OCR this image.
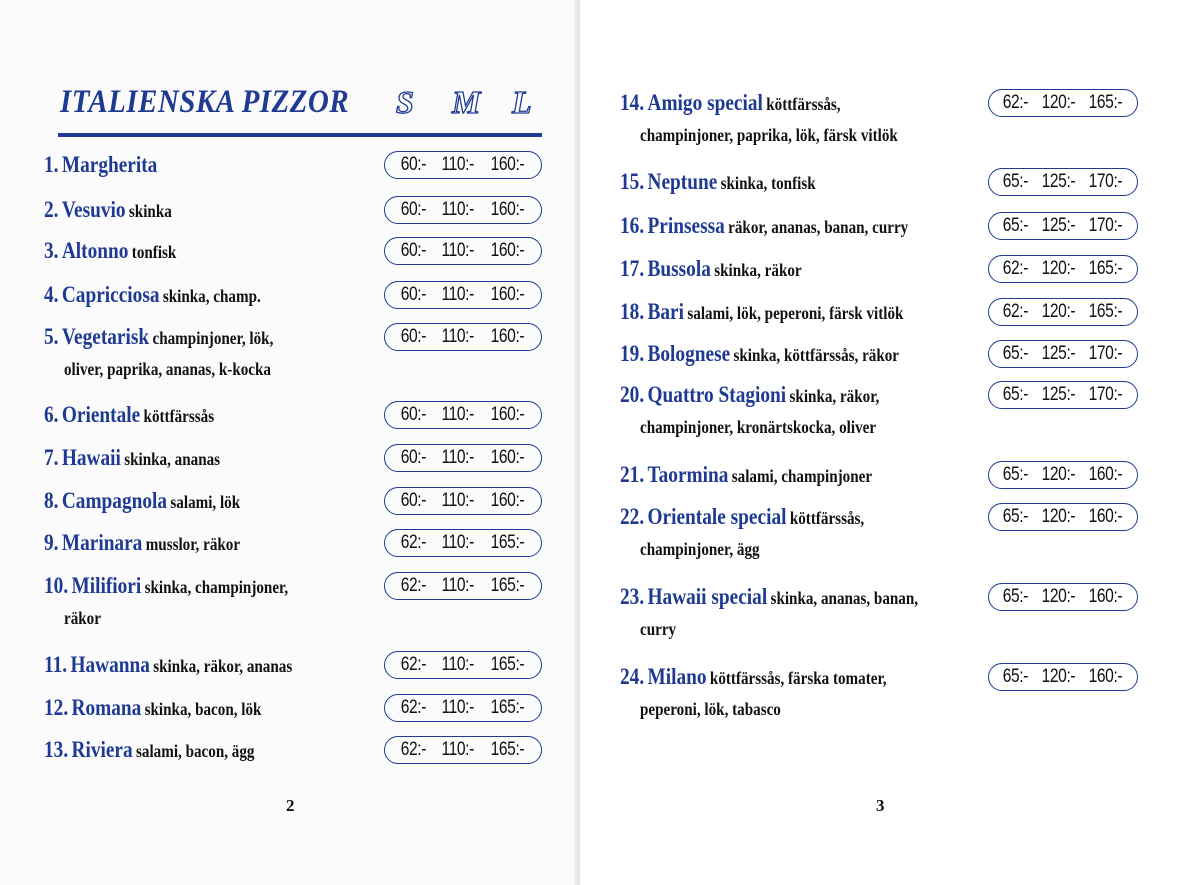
ITALIENSKA PIZZOR S M L
1. Margherita	60:- 110:- 160:-
2. Vesuvio skinka	60:- 110:- 160:-
3. Altonno tonfisk	60:- 110:- 160:-
4. Capricciosa skinka, champ.	60:- 110:- 160:-
5. Vegetarisk champinjoner, lök,
oliver, paprika, ananas, k-kocka
60:- 110:- 160:-
6. Orientale köttfärssås	60:- 110:- 160:-
7. Hawaii skinka, ananas	60:- 110:- 160:-
8. Campagnola salami, lök	60:- 110:- 160:-
9. Marinara musslor, räkor	62:- 110:- 165:-
10. Milifiori skinka, champinjoner,
räkor
62:- 110:- 165:-
11. Hawanna skinka, räkor, ananas	62:- 110:- 165:-
12. Romana skinka, bacon, lök	62:- 110:- 165:-
13. Riviera salami, bacon, ägg	62:- 110:- 165:-
2
14. Amigo special köttfärssås,
champinjoner, paprika, lök, färsk vitlök
62:- 120:- 165:-
15. Neptune skinka, tonfisk	65:- 125:- 170:-
16. Prinsessa räkor, ananas, banan, curry	65:- 125:- 170:-
17. Bussola skinka, räkor	62:- 120:- 165:-
18. Bari salami, lök, peperoni, färsk vitlök	62:- 120:- 165:-
19. Bolognese skinka, köttfärssås, räkor	65:- 125:- 170:-
20. Quattro Stagioni skinka, räkor,
champinjoner, kronärtskocka, oliver
65:- 125:- 170:-
21. Taormina salami, champinjoner	65:- 120:- 160:-
22. Orientale special köttfärssås,
champinjoner, ägg
65:- 120:- 160:-
23. Hawaii special skinka, ananas, banan,
curry
65:- 120:- 160:-
24. Milano köttfärssås, färska tomater,
peperoni, lök, tabasco
65:- 120:- 160:-
3
